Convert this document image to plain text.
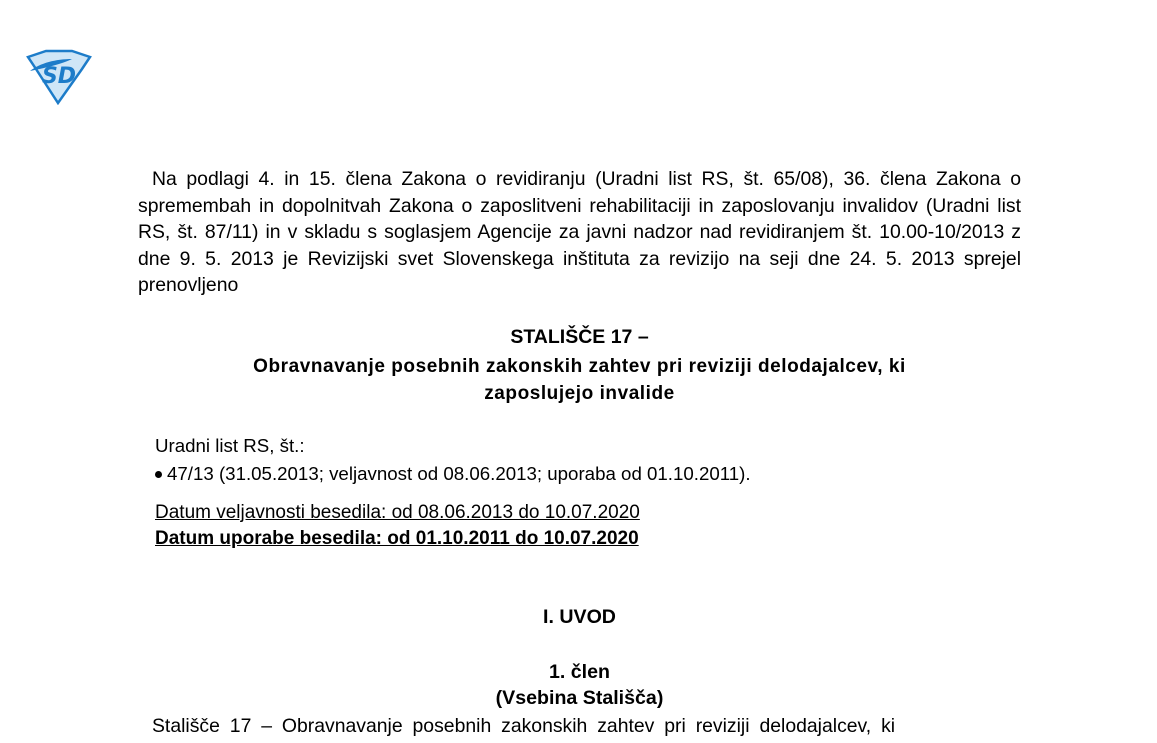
SD
Na podlagi 4. in 15. člena Zakona o revidiranju (Uradni list RS, št. 65/08), 36. člena Zakona o spremembah in dopolnitvah Zakona o zaposlitveni rehabilitaciji in zaposlovanju invalidov (Uradni list RS, št. 87/11) in v skladu s soglasjem Agencije za javni nadzor nad revidiranjem št. 10.00-10/2013 z dne 9. 5. 2013 je Revizijski svet Slovenskega inštituta za revizijo na seji dne 24. 5. 2013 sprejel prenovljeno
STALIŠČE 17 –
Obravnavanje posebnih zakonskih zahtev pri reviziji delodajalcev, ki
zaposlujejo invalide
Uradni list RS, št.:
47/13 (31.05.2013; veljavnost od 08.06.2013; uporaba od 01.10.2011).
Datum veljavnosti besedila: od 08.06.2013 do 10.07.2020
Datum uporabe besedila: od 01.10.2011 do 10.07.2020
I. UVOD
1. člen
(Vsebina Stališča)
Stališče 17 – Obravnavanje posebnih zakonskih zahtev pri reviziji delodajalcev, ki
